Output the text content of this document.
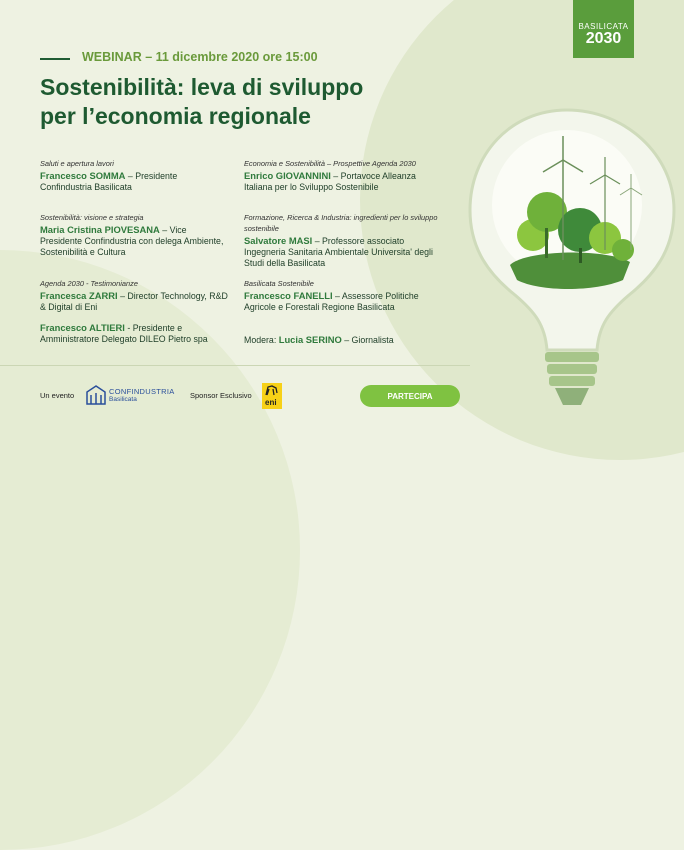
BASILICATA
2030
WEBINAR – 11 dicembre 2020 ore 15:00
Sostenibilità: leva di sviluppo
per l’economia regionale
Saluti e apertura lavori
Francesco SOMMA – Presidente Confindustria Basilicata
Sostenibilità: visione e strategia
Maria Cristina PIOVESANA – Vice Presidente Confindustria con delega Ambiente, Sostenibilità e Cultura
Agenda 2030 - Testimonianze
Francesca ZARRI – Director Technology, R&D & Digital di Eni
Francesco ALTIERI - Presidente e Amministratore Delegato DILEO Pietro spa
Economia e Sostenibilità – Prospettive Agenda 2030
Enrico GIOVANNINI – Portavoce Alleanza Italiana per lo Sviluppo Sostenibile
Formazione, Ricerca & Industria: ingredienti per lo sviluppo sostenibile
Salvatore MASI – Professore associato Ingegneria Sanitaria Ambientale Universita' degli Studi della Basilicata
Basilicata Sostenibile
Francesco FANELLI – Assessore Politiche Agricole e Forestali Regione Basilicata
Modera: Lucia SERINO – Giornalista
Un evento	CONFINDUSTRIA
Basilicata	Sponsor Esclusivo
eni
PARTECIPA
